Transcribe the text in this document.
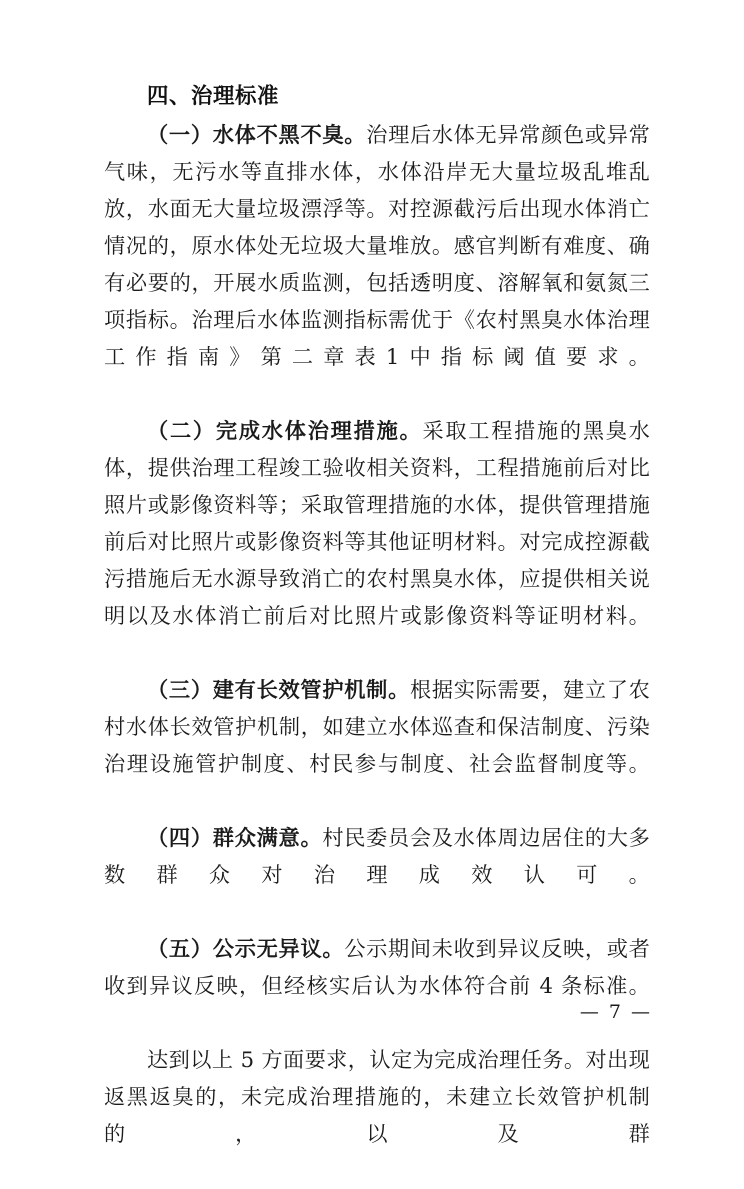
四、治理标准

（一）水体不黑不臭。治理后水体无异常颜色或异常气味，无污水等直排水体，水体沿岸无大量垃圾乱堆乱放，水面无大量垃圾漂浮等。对控源截污后出现水体消亡情况的，原水体处无垃圾大量堆放。感官判断有难度、确有必要的，开展水质监测，包括透明度、溶解氧和氨氮三项指标。治理后水体监测指标需优于《农村黑臭水体治理工作指南》第二章表1中指标阈值要求。

（二）完成水体治理措施。采取工程措施的黑臭水体，提供治理工程竣工验收相关资料，工程措施前后对比照片或影像资料等；采取管理措施的水体，提供管理措施前后对比照片或影像资料等其他证明材料。对完成控源截污措施后无水源导致消亡的农村黑臭水体，应提供相关说明以及水体消亡前后对比照片或影像资料等证明材料。

（三）建有长效管护机制。根据实际需要，建立了农村水体长效管护机制，如建立水体巡查和保洁制度、污染治理设施管护制度、村民参与制度、社会监督制度等。

（四）群众满意。村民委员会及水体周边居住的大多数群众对治理成效认可。

（五）公示无异议。公示期间未收到异议反映，或者收到异议反映，但经核实后认为水体符合前 4 条标准。

达到以上 5 方面要求，认定为完成治理任务。对出现返黑返臭的，未完成治理措施的，未建立长效管护机制的，以及群

— 7 —
